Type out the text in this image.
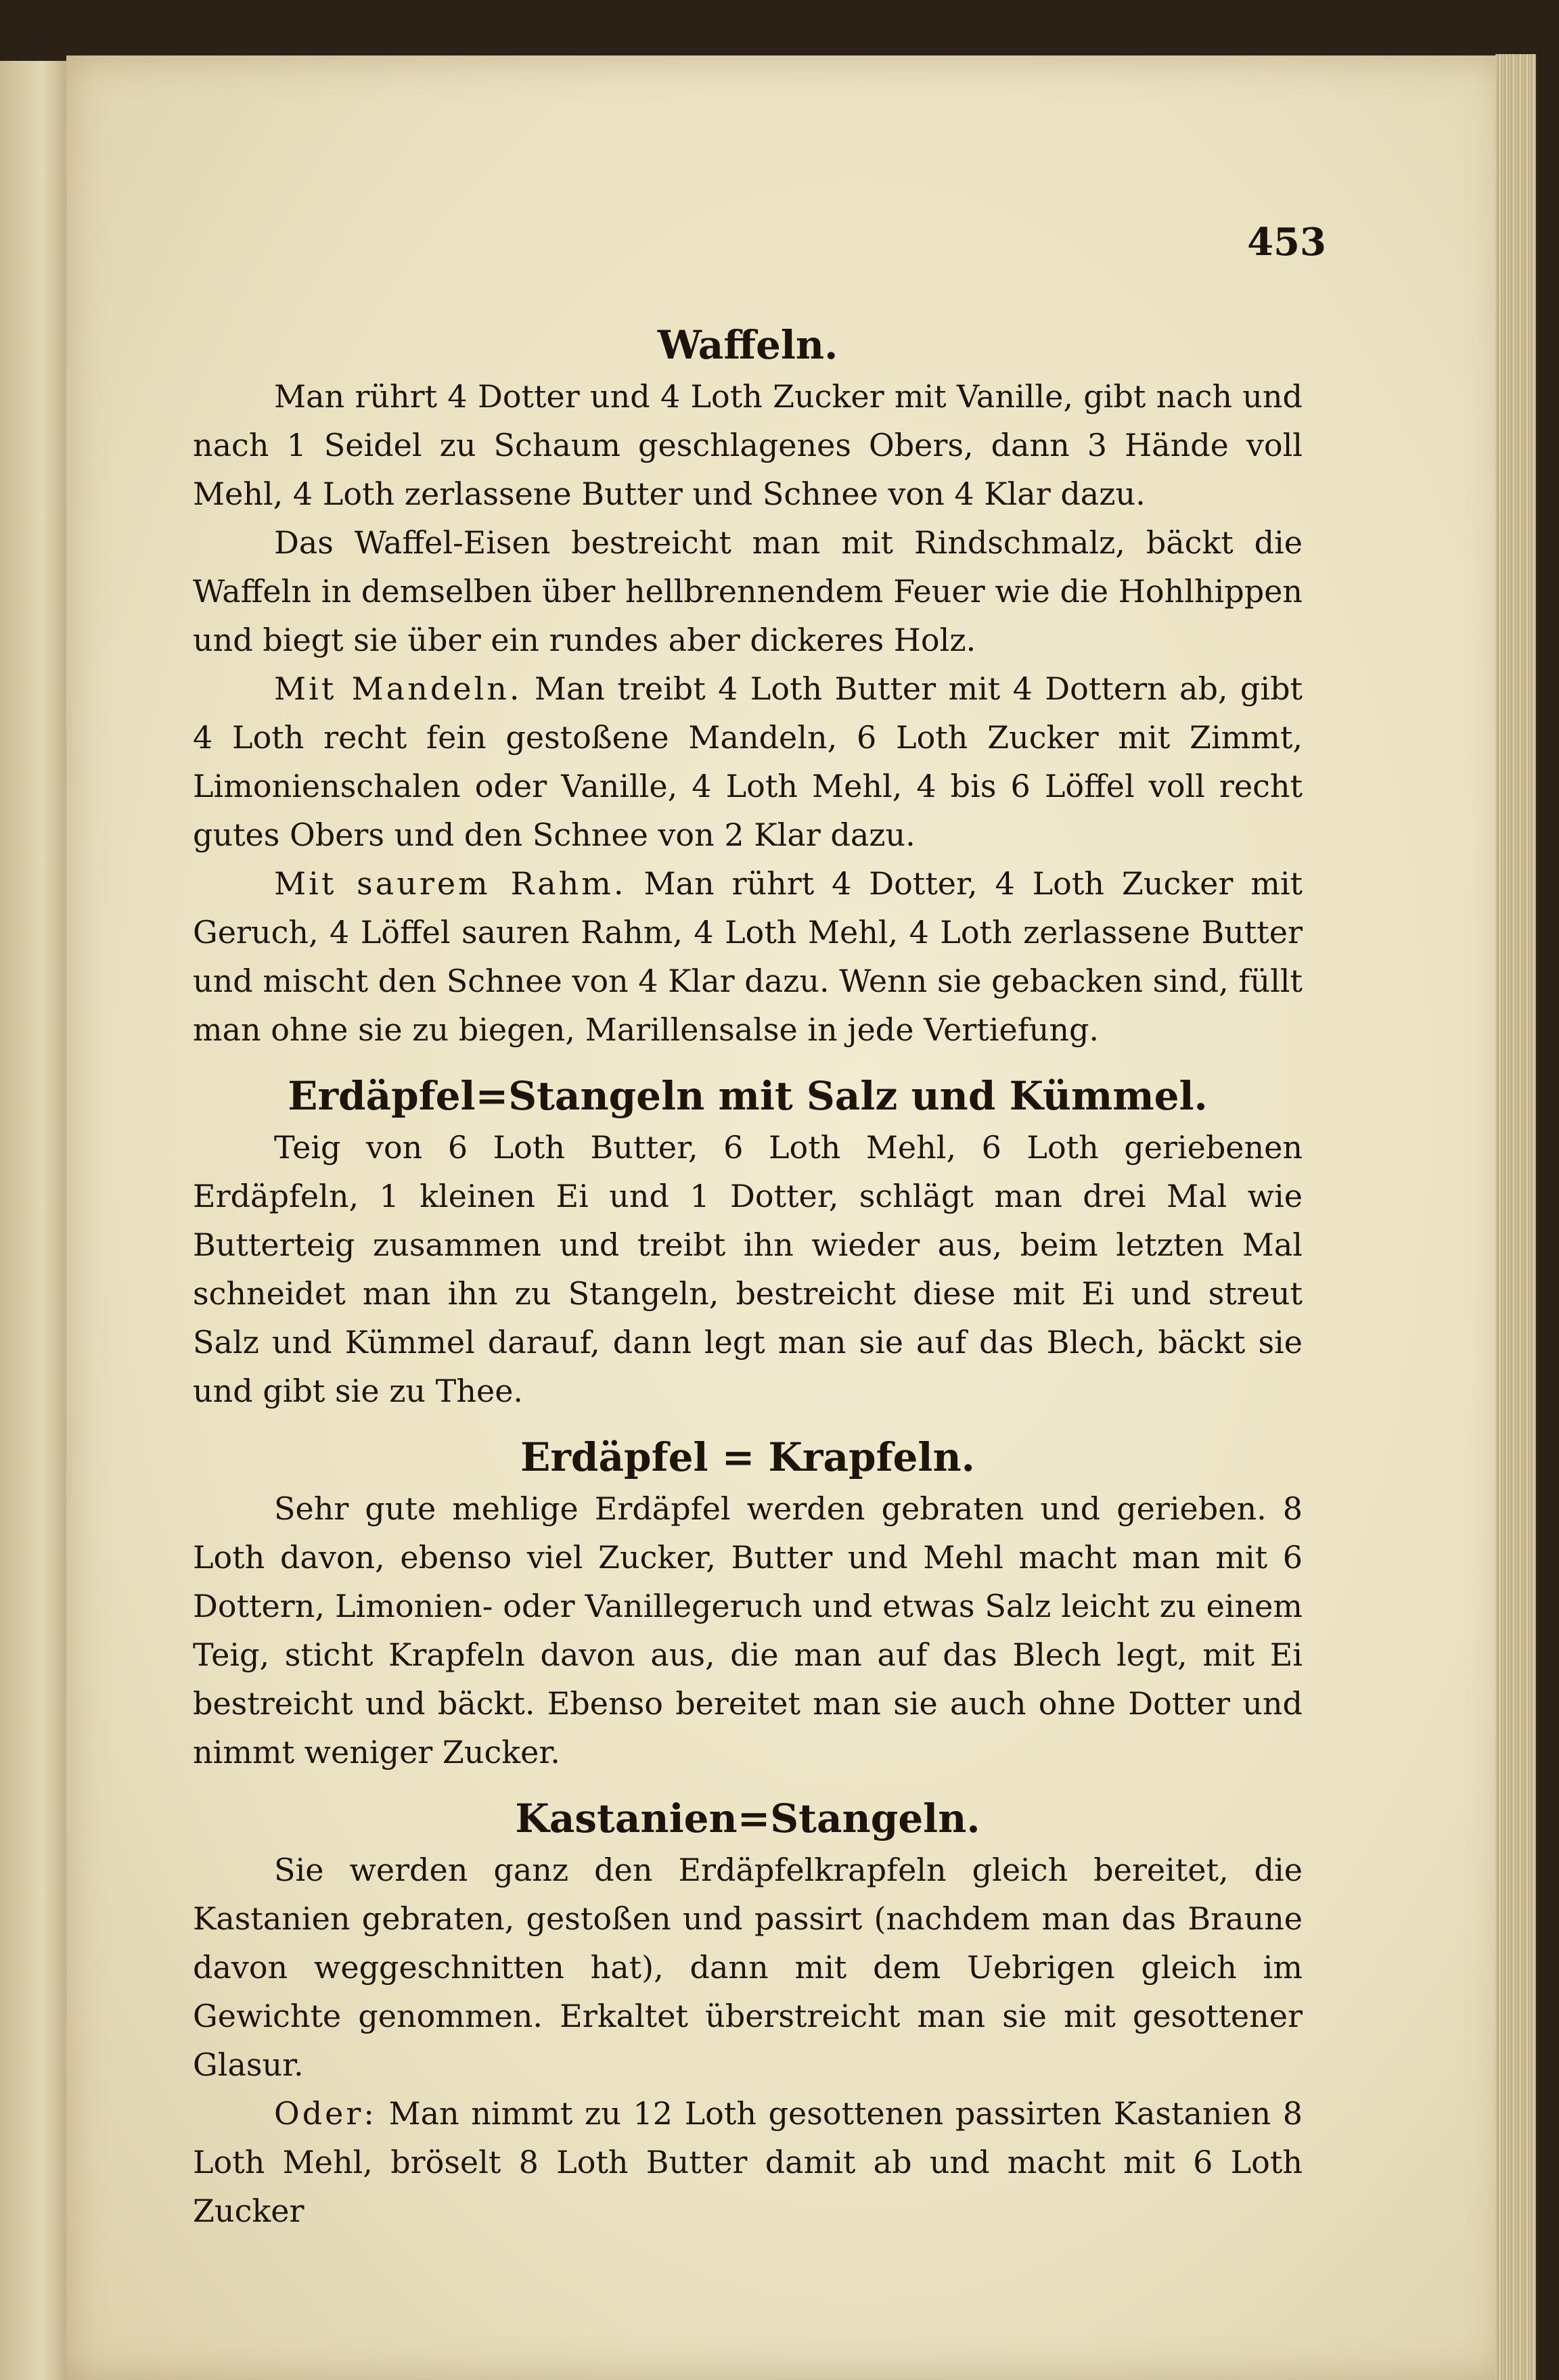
453
Waffeln.

Man rührt 4 Dotter und 4 Loth Zucker mit Vanille, gibt nach und nach 1 Seidel zu Schaum geschlagenes Obers, dann 3 Hände voll Mehl, 4 Loth zerlassene Butter und Schnee von 4 Klar dazu.

Das Waffel-Eisen bestreicht man mit Rindschmalz, bäckt die Waffeln in demselben über hellbrennendem Feuer wie die Hohlhippen und biegt sie über ein rundes aber dickeres Holz.

Mit Mandeln. Man treibt 4 Loth Butter mit 4 Dottern ab, gibt 4 Loth recht fein gestoßene Mandeln, 6 Loth Zucker mit Zimmt, Limonienschalen oder Vanille, 4 Loth Mehl, 4 bis 6 Löffel voll recht gutes Obers und den Schnee von 2 Klar dazu.

Mit saurem Rahm. Man rührt 4 Dotter, 4 Loth Zucker mit Geruch, 4 Löffel sauren Rahm, 4 Loth Mehl, 4 Loth zerlassene Butter und mischt den Schnee von 4 Klar dazu. Wenn sie gebacken sind, füllt man ohne sie zu biegen, Marillensalse in jede Vertiefung.

Erdäpfel=Stangeln mit Salz und Kümmel.

Teig von 6 Loth Butter, 6 Loth Mehl, 6 Loth geriebenen Erdäpfeln, 1 kleinen Ei und 1 Dotter, schlägt man drei Mal wie Butterteig zusammen und treibt ihn wieder aus, beim letzten Mal schneidet man ihn zu Stangeln, bestreicht diese mit Ei und streut Salz und Kümmel darauf, dann legt man sie auf das Blech, bäckt sie und gibt sie zu Thee.

Erdäpfel = Krapfeln.

Sehr gute mehlige Erdäpfel werden gebraten und gerieben. 8 Loth davon, ebenso viel Zucker, Butter und Mehl macht man mit 6 Dottern, Limonien- oder Vanillegeruch und etwas Salz leicht zu einem Teig, sticht Krapfeln davon aus, die man auf das Blech legt, mit Ei bestreicht und bäckt. Ebenso bereitet man sie auch ohne Dotter und nimmt weniger Zucker.

Kastanien=Stangeln.

Sie werden ganz den Erdäpfelkrapfeln gleich bereitet, die Kastanien gebraten, gestoßen und passirt (nachdem man das Braune davon weggeschnitten hat), dann mit dem Uebrigen gleich im Gewichte genommen. Erkaltet überstreicht man sie mit gesottener Glasur.

Oder: Man nimmt zu 12 Loth gesottenen passirten Kastanien 8 Loth Mehl, bröselt 8 Loth Butter damit ab und macht mit 6 Loth Zucker
